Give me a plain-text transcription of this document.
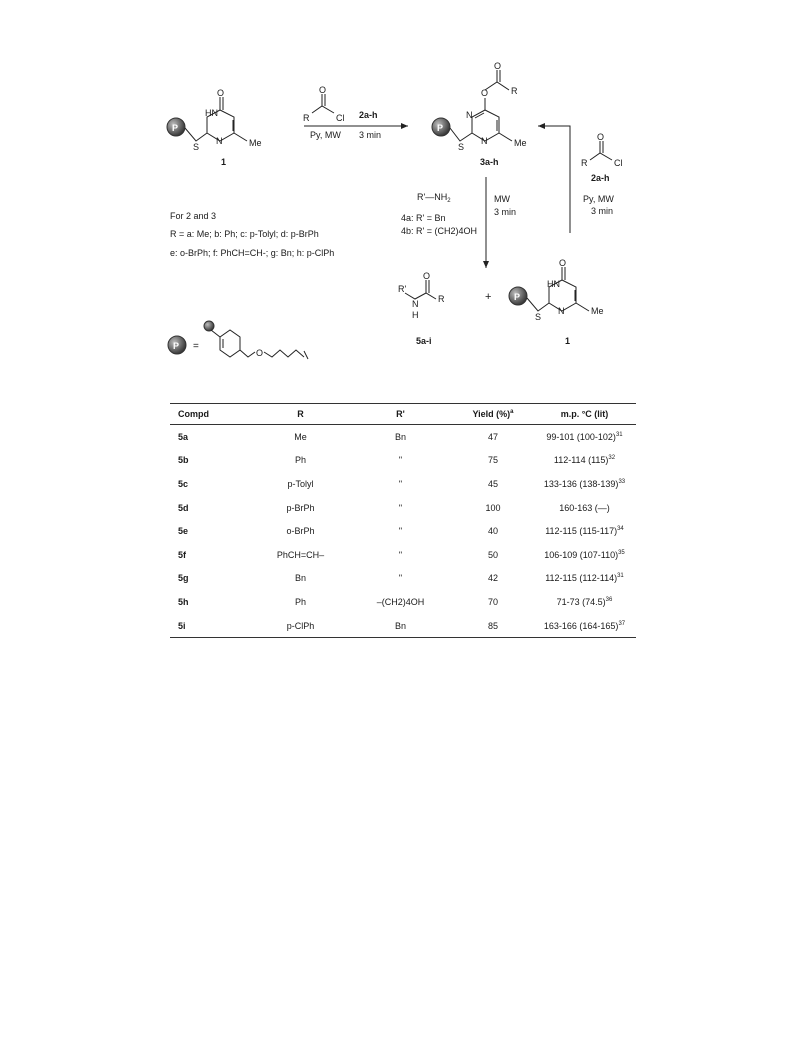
P
S
HN
N
O
Me
1
O
R	Cl 2a-h
Py, MW 3 min
P
O
O
R
S
N
N	Me
3a-h
O
R	Cl
2a-h
Py, MW
3 min
MW
3 min
$R'—NH_2$
4a: R' = Bn
4b: R' = (CH2)4OH
For 2 and 3
R = a: Me; b: Ph; c: p-Tolyl; d: p-BrPh
e: o-BrPh; f: PhCH=CH-; g: Bn; h: p-ClPh
R'
O
N
H
R
5a-i
+	P
O
HN
S
N	Me
1
P =
O
Compd	R	R'	Yield (%)$^a$	m.p. °C (lit)
5a	Me	Bn	47	99-101 $(100-102)^{31}$
5b	Ph	"	75	112-114 $(115)^{32}$
5c	p-Tolyl	"	45	133-136 $(138-139)^{33}$
5d	p-BrPh	"	100	160-163 (—)
5e	o-BrPh	"	40	112-115 $(115-117)^{34}$
5f	PhCH=CH–	"	50	106-109 $(107-110)^{35}$
5g	Bn	"	42	112-115 $(112-114)^{31}$
5h	Ph	–(CH2)4OH	70	71-73 $(74.5)^{36}$
5i	p-ClPh	Bn	85	163-166 $(164-165)^{37}$
